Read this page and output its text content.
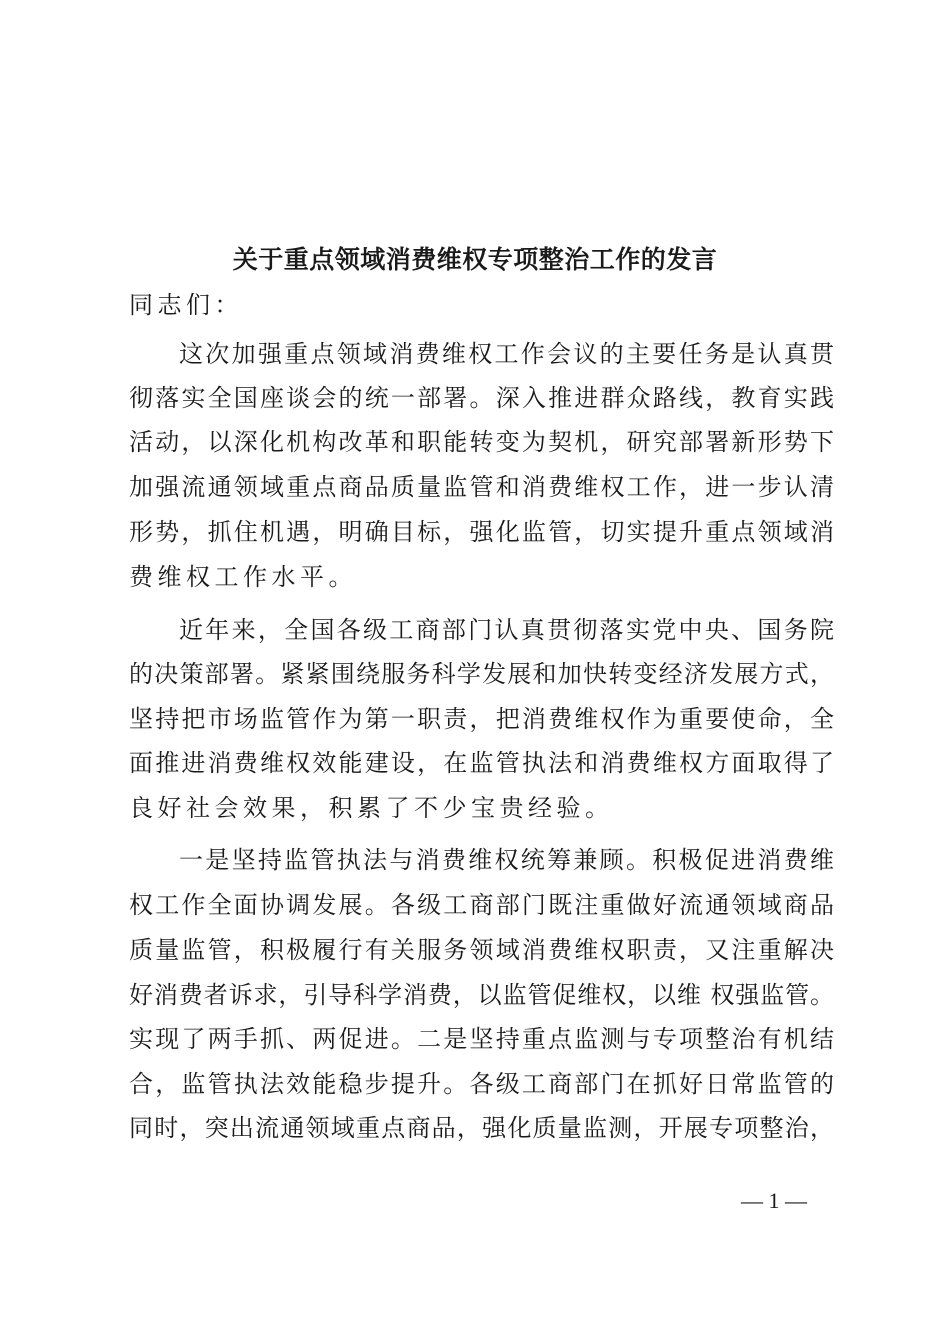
关于重点领域消费维权专项整治工作的发言
同志们：
这次加强重点领域消费维权工作会议的主要任务是认真贯
彻落实全国座谈会的统一部署。深入推进群众路线，教育实践
活动，以深化机构改革和职能转变为契机，研究部署新形势下
加强流通领域重点商品质量监管和消费维权工作，进一步认清
形势，抓住机遇，明确目标，强化监管，切实提升重点领域消
费维权工作水平。
近年来，全国各级工商部门认真贯彻落实党中央、国务院
的决策部署。紧紧围绕服务科学发展和加快转变经济发展方式，
坚持把市场监管作为第一职责，把消费维权作为重要使命，全
面推进消费维权效能建设，在监管执法和消费维权方面取得了
良好社会效果，积累了不少宝贵经验。
一是坚持监管执法与消费维权统筹兼顾。积极促进消费维
权工作全面协调发展。各级工商部门既注重做好流通领域商品
质量监管，积极履行有关服务领域消费维权职责，又注重解决
好消费者诉求，引导科学消费，以监管促维权，以维 权强监管。
实现了两手抓、两促进。二是坚持重点监测与专项整治有机结
合，监管执法效能稳步提升。各级工商部门在抓好日常监管的
同时，突出流通领域重点商品，强化质量监测，开展专项整治，
— 1 —
